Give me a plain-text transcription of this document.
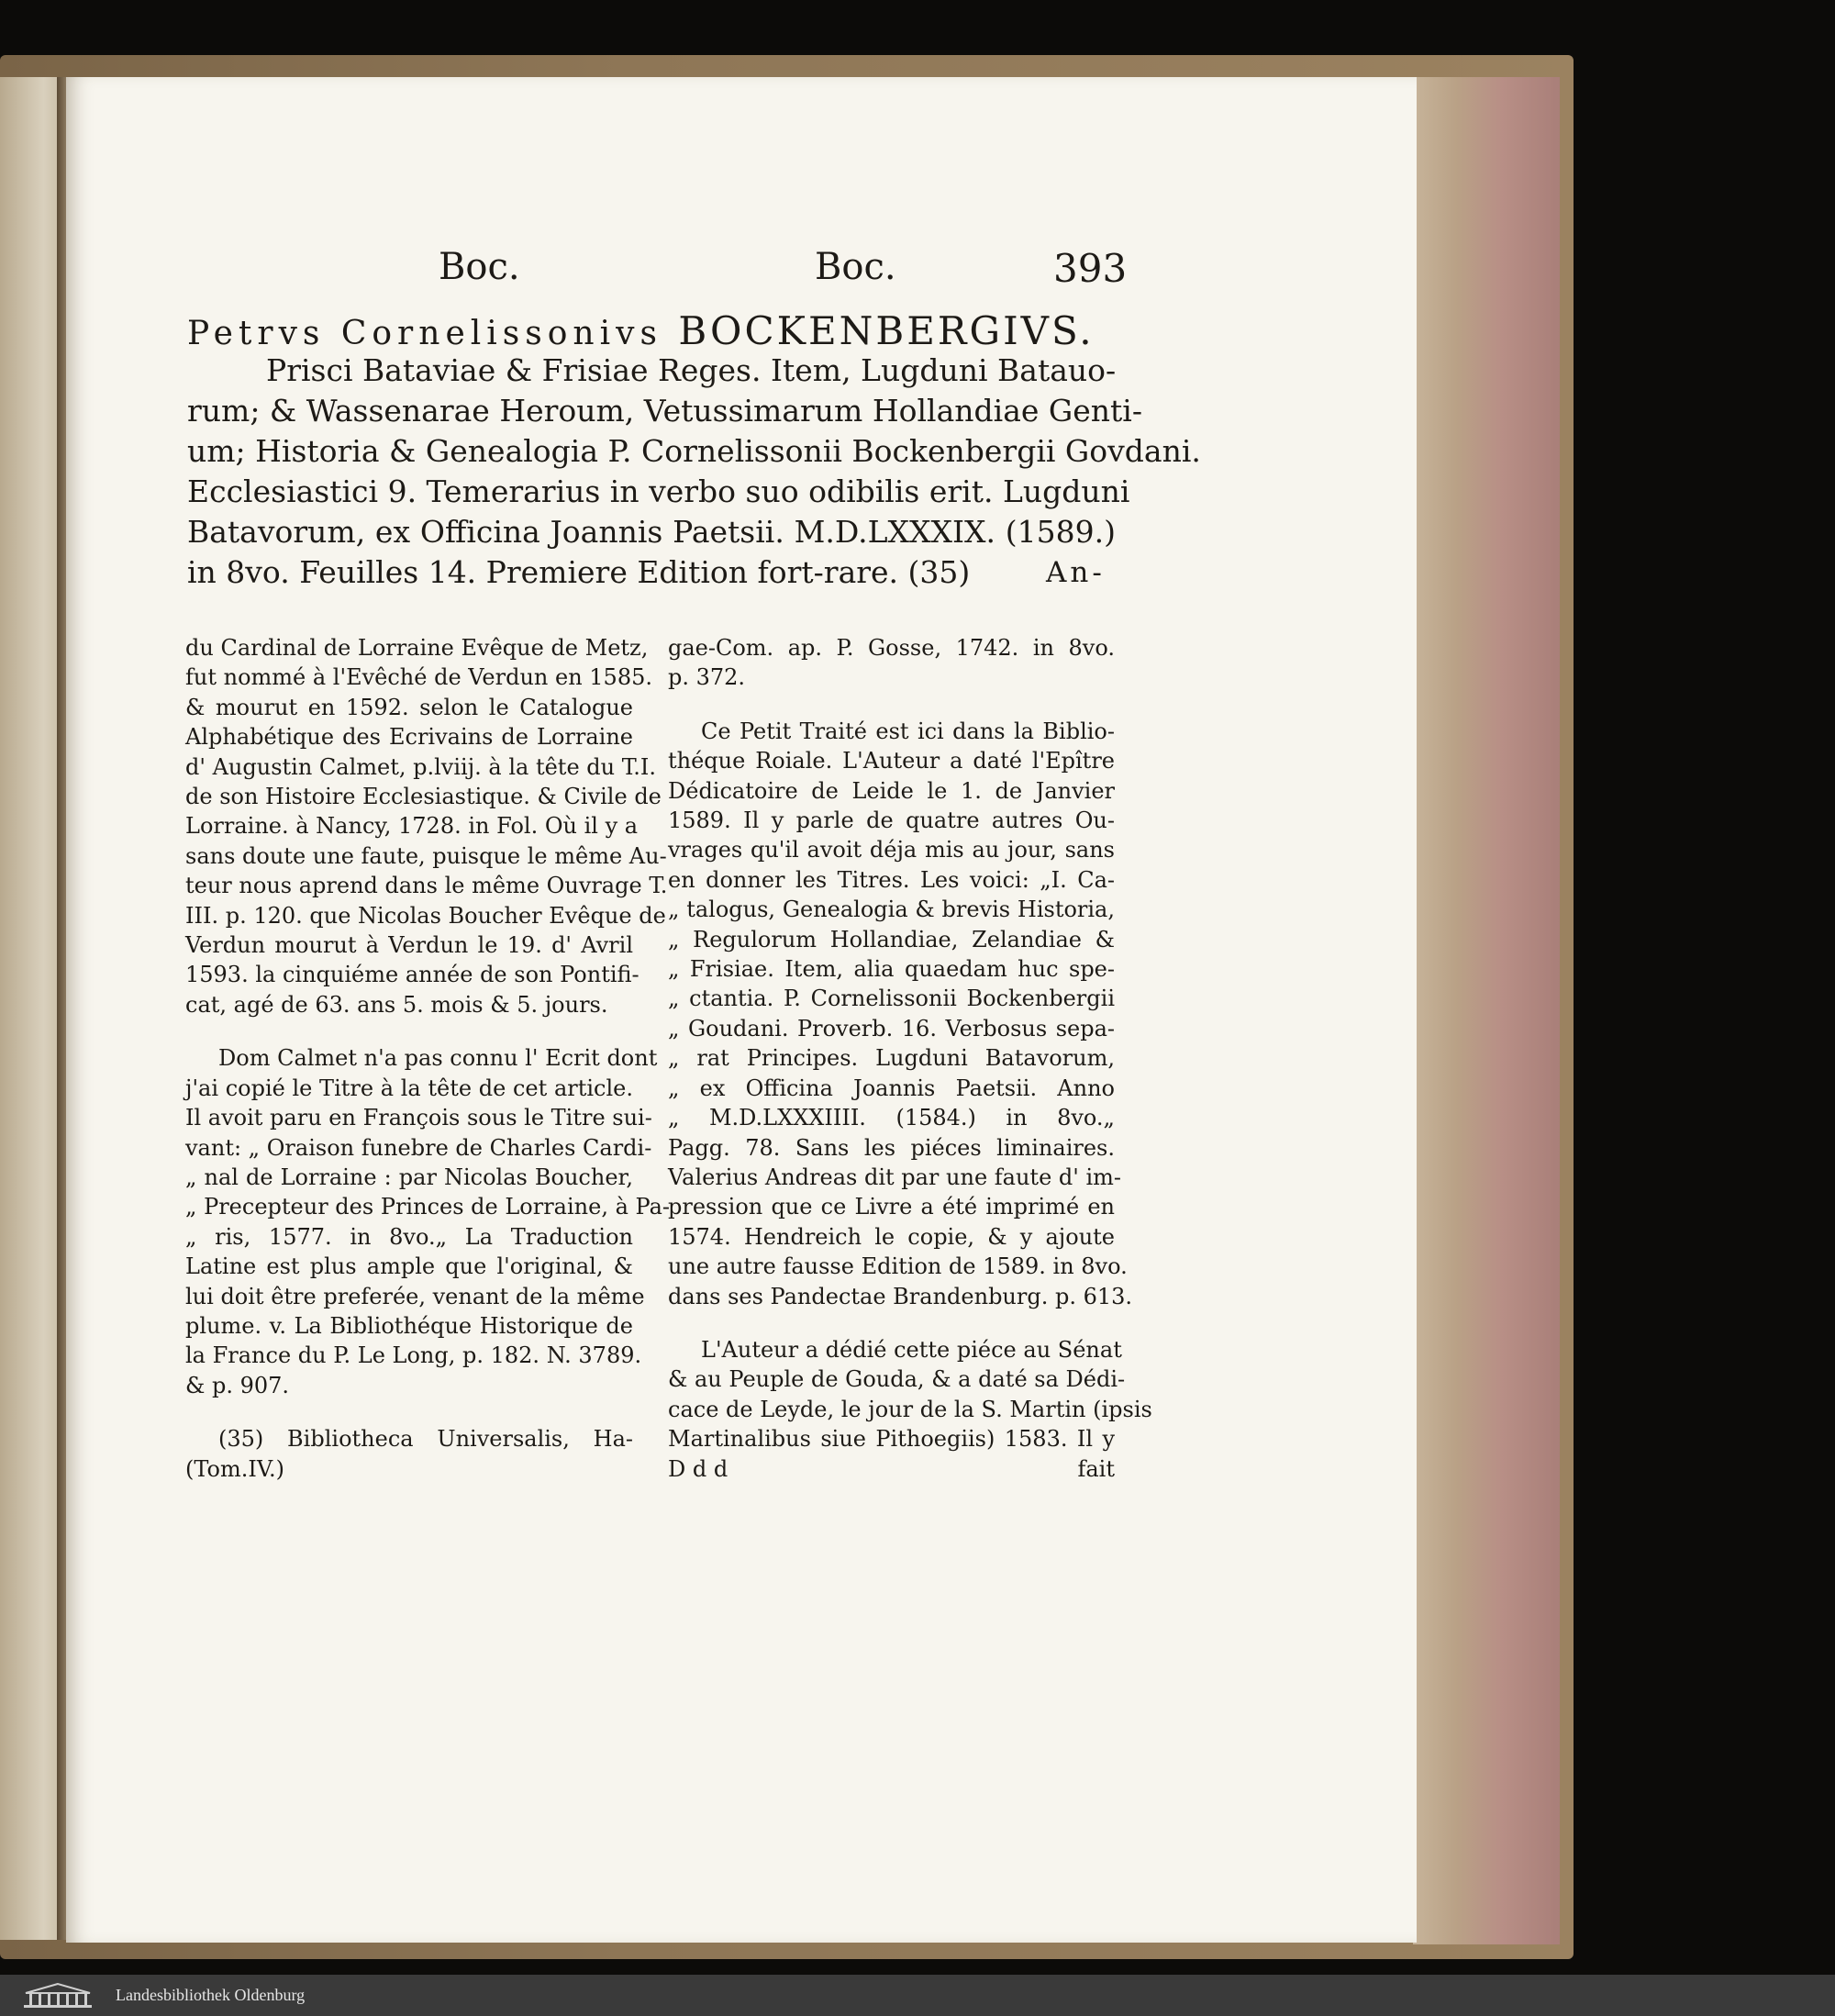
Boc.	Boc.	393
Petrvs Cornelissonivs BOCKENBERGIVS.
Prisci Bataviae & Frisiae Reges. Item, Lugduni Batauo-
rum; & Wassenarae Heroum, Vetussimarum Hollandiae Genti-
um; Historia & Genealogia P. Cornelissonii Bockenbergii Govdani.
Ecclesiastici 9. Temerarius in verbo suo odibilis erit. Lugduni
Batavorum, ex Officina Joannis Paetsii. M.D.LXXXIX. (1589.)
in 8vo. Feuilles 14. Premiere Edition fort-rare. (35)	An-
du Cardinal de Lorraine Evêque de Metz,
fut nommé à l'Evêché de Verdun en 1585.
& mourut en 1592. selon le Catalogue
Alphabétique des Ecrivains de Lorraine
d' Augustin Calmet, p.lviij. à la tête du T.I.
de son Histoire Ecclesiastique. & Civile de
Lorraine. à Nancy, 1728. in Fol. Où il y a
sans doute une faute, puisque le même Au-
teur nous aprend dans le même Ouvrage T.
III. p. 120. que Nicolas Boucher Evêque de
Verdun mourut à Verdun le 19. d' Avril
1593. la cinquiéme année de son Pontifi-
cat, agé de 63. ans 5. mois & 5. jours.
Dom Calmet n'a pas connu l' Ecrit dont
j'ai copié le Titre à la tête de cet article.
Il avoit paru en François sous le Titre sui-
vant: „ Oraison funebre de Charles Cardi-
„ nal de Lorraine : par Nicolas Boucher,
„ Precepteur des Princes de Lorraine, à Pa-
„ ris, 1577. in 8vo.„ La Traduction
Latine est plus ample que l'original, &
lui doit être preferée, venant de la même
plume. v. La Bibliothéque Historique de
la France du P. Le Long, p. 182. N. 3789.
& p. 907.
(35) Bibliotheca Universalis, Ha-
(Tom.IV.)
gae-Com. ap. P. Gosse, 1742. in 8vo.
p. 372.
Ce Petit Traité est ici dans la Biblio-
théque Roiale. L'Auteur a daté l'Epître
Dédicatoire de Leide le 1. de Janvier
1589. Il y parle de quatre autres Ou-
vrages qu'il avoit déja mis au jour, sans
en donner les Titres. Les voici: „I. Ca-
„ talogus, Genealogia & brevis Historia,
„ Regulorum Hollandiae, Zelandiae &
„ Frisiae. Item, alia quaedam huc spe-
„ ctantia. P. Cornelissonii Bockenbergii
„ Goudani. Proverb. 16. Verbosus sepa-
„ rat Principes. Lugduni Batavorum,
„ ex Officina Joannis Paetsii. Anno
„ M.D.LXXXIIII. (1584.) in 8vo.„
Pagg. 78. Sans les piéces liminaires.
Valerius Andreas dit par une faute d' im-
pression que ce Livre a été imprimé en
1574. Hendreich le copie, & y ajoute
une autre fausse Edition de 1589. in 8vo.
dans ses Pandectae Brandenburg. p. 613.
L'Auteur a dédié cette piéce au Sénat
& au Peuple de Gouda, & a daté sa Dédi-
cace de Leyde, le jour de la S. Martin (ipsis
Martinalibus siue Pithoegiis) 1583. Il y
D d d	fait
Landesbibliothek Oldenburg
